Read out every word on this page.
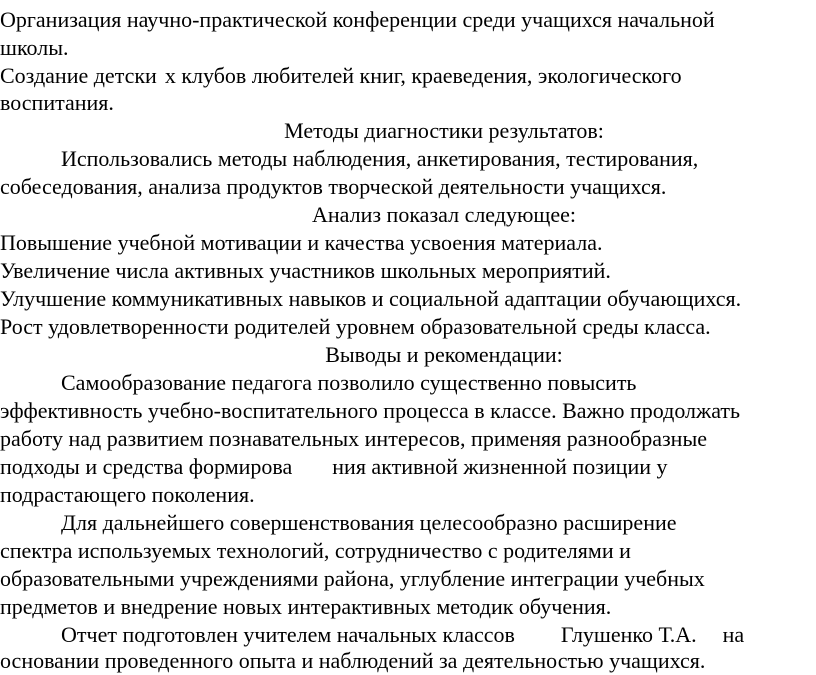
Организация научно-практической конференции среди учащихся начальной
школы.
Создание детски х клубов любителей книг, краеведения, экологического
воспитания.
Методы диагностики результатов:
Использовались методы наблюдения, анкетирования, тестирования,
собеседования, анализа продуктов творческой деятельности учащихся.
Анализ показал следующее:
Повышение учебной мотивации и качества усвоения материала.
Увеличение числа активных участников школьных мероприятий.
Улучшение коммуникативных навыков и социальной адаптации обучающихся.
Рост удовлетворенности родителей уровнем образовательной среды класса.
Выводы и рекомендации:
Самообразование педагога позволило существенно повысить
эффективность учебно-воспитательного процесса в классе. Важно продолжать
работу над развитием познавательных интересов, применяя разнообразные
подходы и средства формирова ния активной жизненной позиции у
подрастающего поколения.
Для дальнейшего совершенствования целесообразно расширение
спектра используемых технологий, сотрудничество с родителями и
образовательными учреждениями района, углубление интеграции учебных
предметов и внедрение новых интерактивных методик обучения.
Отчет подготовлен учителем начальных классов Глушенко Т.А. на
основании проведенного опыта и наблюдений за деятельностью учащихся.
